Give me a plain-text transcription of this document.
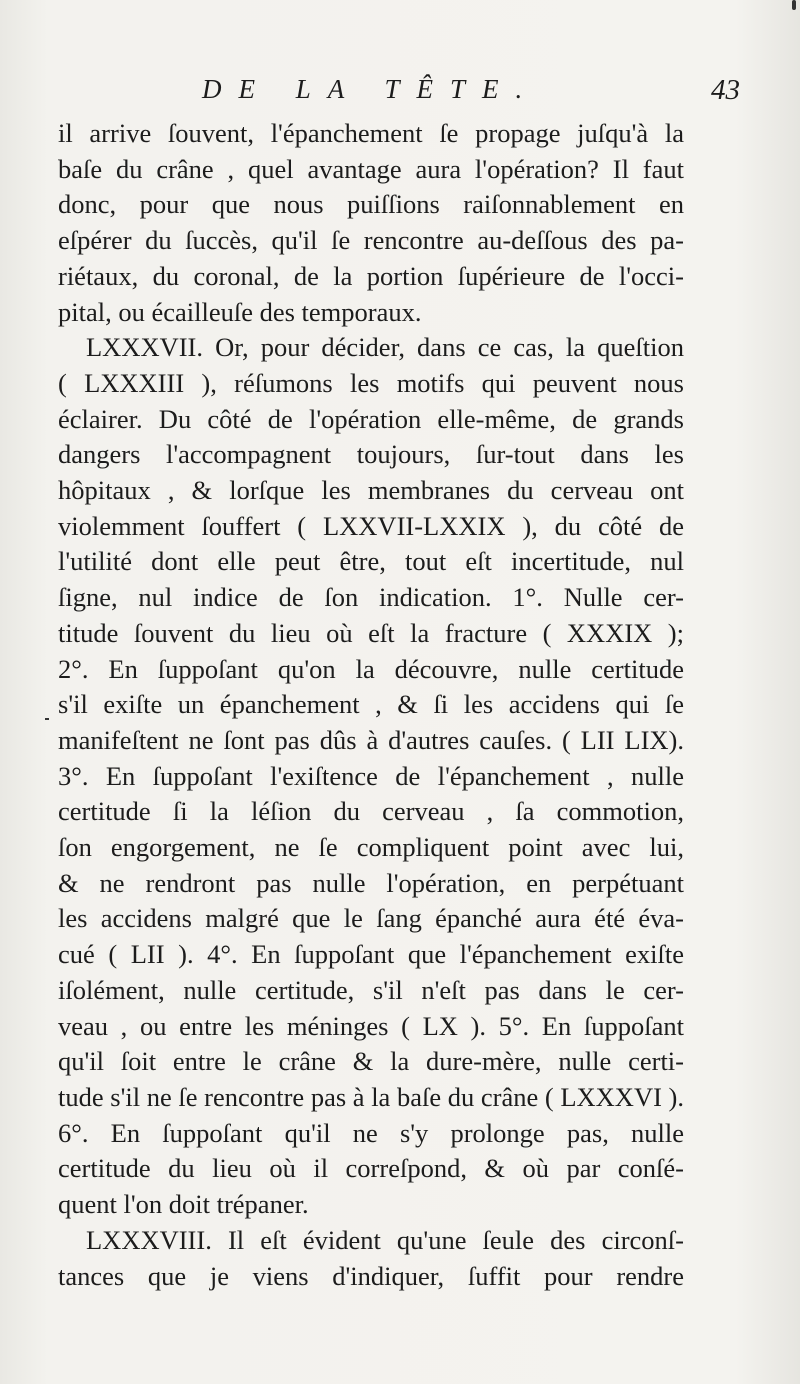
DE LA TÊTE.	43
il arrive ſouvent, l'épanchement ſe propage juſqu'à la
baſe du crâne , quel avantage aura l'opération? Il faut
donc, pour que nous puiſſions raiſonnablement en
eſpérer du ſuccès, qu'il ſe rencontre au-deſſous des pa-
riétaux, du coronal, de la portion ſupérieure de l'occi-
pital, ou écailleuſe des temporaux.
LXXXVII. Or, pour décider, dans ce cas, la queſtion
( LXXXIII ), réſumons les motifs qui peuvent nous
éclairer. Du côté de l'opération elle-même, de grands
dangers l'accompagnent toujours, ſur-tout dans les
hôpitaux , & lorſque les membranes du cerveau ont
violemment ſouffert ( LXXVII-LXXIX ), du côté de
l'utilité dont elle peut être, tout eſt incertitude, nul
ſigne, nul indice de ſon indication. 1°. Nulle cer-
titude ſouvent du lieu où eſt la fracture ( XXXIX );
2°. En ſuppoſant qu'on la découvre, nulle certitude
s'il exiſte un épanchement , & ſi les accidens qui ſe
manifeſtent ne ſont pas dûs à d'autres cauſes. ( LII LIX).
3°. En ſuppoſant l'exiſtence de l'épanchement , nulle
certitude ſi la léſion du cerveau , ſa commotion,
ſon engorgement, ne ſe compliquent point avec lui,
& ne rendront pas nulle l'opération, en perpétuant
les accidens malgré que le ſang épanché aura été éva-
cué ( LII ). 4°. En ſuppoſant que l'épanchement exiſte
iſolément, nulle certitude, s'il n'eſt pas dans le cer-
veau , ou entre les méninges ( LX ). 5°. En ſuppoſant
qu'il ſoit entre le crâne & la dure-mère, nulle certi-
tude s'il ne ſe rencontre pas à la baſe du crâne ( LXXXVI ).
6°. En ſuppoſant qu'il ne s'y prolonge pas, nulle
certitude du lieu où il correſpond, & où par conſé-
quent l'on doit trépaner.
LXXXVIII. Il eſt évident qu'une ſeule des circonſ-
tances que je viens d'indiquer, ſuffit pour rendre
